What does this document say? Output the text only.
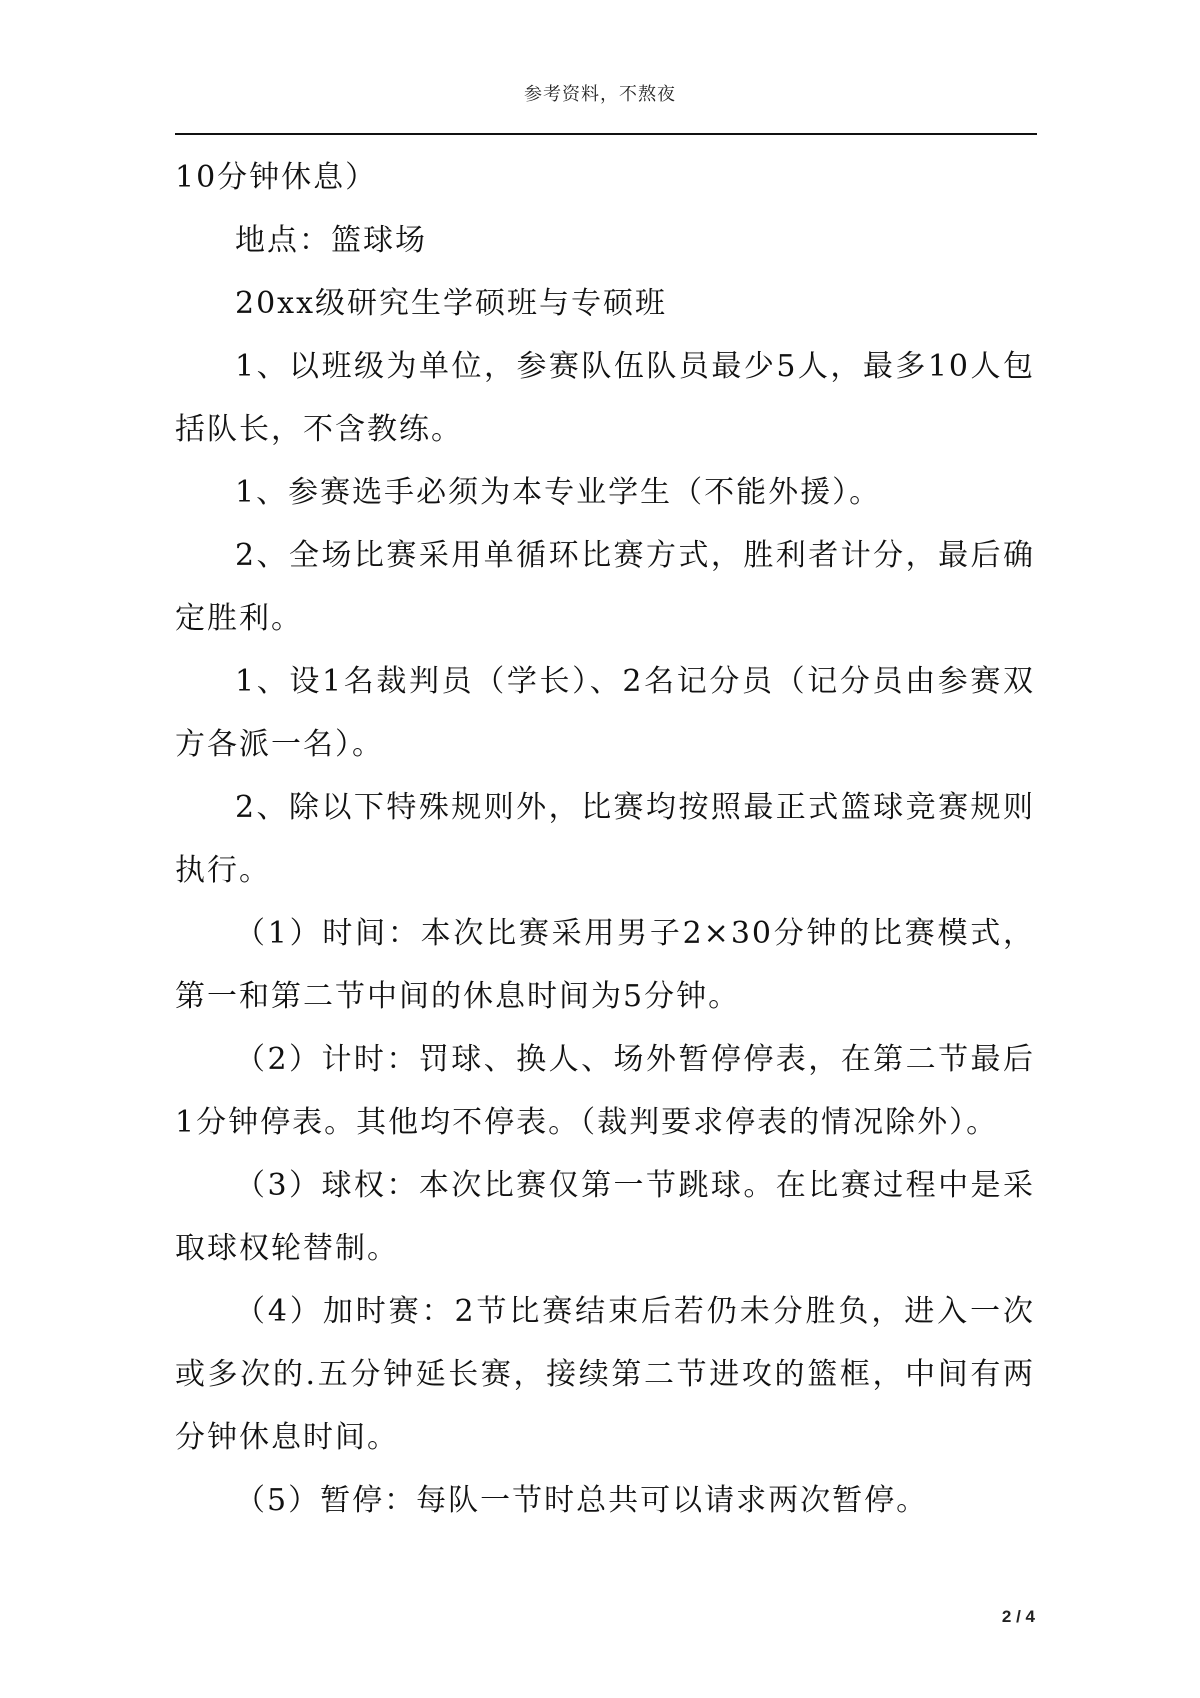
参考资料，不熬夜

10分钟休息）

地点：篮球场

20xx级研究生学硕班与专硕班

1、以班级为单位，参赛队伍队员最少5人，最多10人包括队长，不含教练。

1、参赛选手必须为本专业学生（不能外援）。

2、全场比赛采用单循环比赛方式，胜利者计分，最后确定胜利。

1、设1名裁判员（学长）、2名记分员（记分员由参赛双方各派一名）。

2、除以下特殊规则外，比赛均按照最正式篮球竞赛规则执行。

（1）时间：本次比赛采用男子2×30分钟的比赛模式，第一和第二节中间的休息时间为5分钟。

（2）计时：罚球、换人、场外暂停停表，在第二节最后1分钟停表。其他均不停表。（裁判要求停表的情况除外）。

（3）球权：本次比赛仅第一节跳球。在比赛过程中是采取球权轮替制。

（4）加时赛：2节比赛结束后若仍未分胜负，进入一次或多次的.五分钟延长赛，接续第二节进攻的篮框，中间有两分钟休息时间。

（5）暂停：每队一节时总共可以请求两次暂停。

2 / 4
